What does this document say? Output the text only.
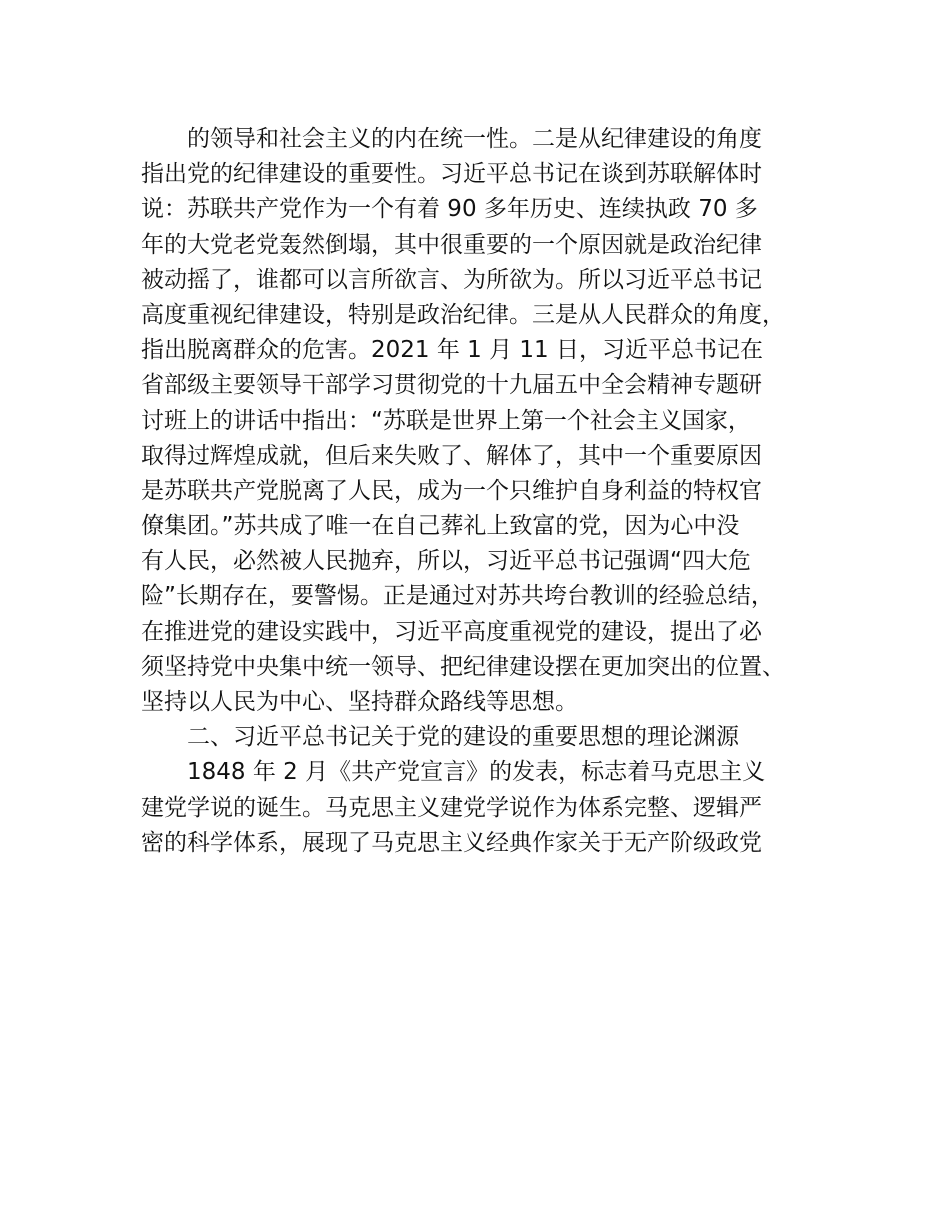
的领导和社会主义的内在统一性。二是从纪律建设的角度
指出党的纪律建设的重要性。习近平总书记在谈到苏联解体时
说：苏联共产党作为一个有着 90 多年历史、连续执政 70 多
年的大党老党轰然倒塌，其中很重要的一个原因就是政治纪律
被动摇了，谁都可以言所欲言、为所欲为。所以习近平总书记
高度重视纪律建设，特别是政治纪律。三是从人民群众的角度，
指出脱离群众的危害。2021 年 1 月 11 日，习近平总书记在
省部级主要领导干部学习贯彻党的十九届五中全会精神专题研
讨班上的讲话中指出：“苏联是世界上第一个社会主义国家，
取得过辉煌成就，但后来失败了、解体了，其中一个重要原因
是苏联共产党脱离了人民，成为一个只维护自身利益的特权官
僚集团。”苏共成了唯一在自己葬礼上致富的党，因为心中没
有人民，必然被人民抛弃，所以，习近平总书记强调“四大危
险”长期存在，要警惕。正是通过对苏共垮台教训的经验总结，
在推进党的建设实践中，习近平高度重视党的建设，提出了必
须坚持党中央集中统一领导、把纪律建设摆在更加突出的位置、
坚持以人民为中心、坚持群众路线等思想。
二、习近平总书记关于党的建设的重要思想的理论渊源
1848 年 2 月《共产党宣言》的发表，标志着马克思主义
建党学说的诞生。马克思主义建党学说作为体系完整、逻辑严
密的科学体系，展现了马克思主义经典作家关于无产阶级政党
